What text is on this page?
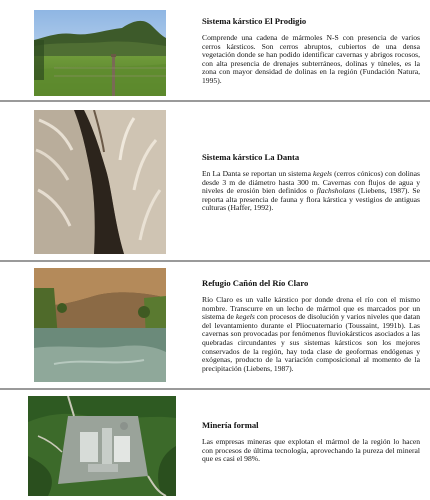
Sistema kárstico El Prodigio
Comprende una cadena de mármoles N-S con presencia de varios cerros kársticos. Son cerros abruptos, cubiertos de una densa vegetación donde se han podido identificar cavernas y abrigos rocosos, con alta presencia de drenajes subterráneos, dolinas y túneles, es la zona con mayor densidad de dolinas en la región (Fundación Natura, 1995).
Sistema kárstico La Danta
En La Danta se reportan un sistema kegels (cerros cónicos) con dolinas desde 3 m de diámetro hasta 300 m. Cavernas con flujos de agua y niveles de erosión bien definidos o flachsholans (Liebens, 1987). Se reporta alta presencia de fauna y flora kárstica y vestigios de antiguas culturas (Haffer, 1992).
Refugio Cañón del Río Claro
Río Claro es un valle kárstico por donde drena el río con el mismo nombre. Transcurre en un lecho de mármol que es marcados por un sistema de kegels con procesos de disolución y varios niveles que datan del levantamiento durante el Pliocuaternario (Toussaint, 1991b). Las cavernas son provocadas por fenómenos fluviokársticos asociados a las quebradas circundantes y sus sistemas kársticos son los mejores conservados de la región, hay toda clase de geoformas endógenas y exógenas, producto de la variación composicional al momento de la precipitación (Liebens, 1987).
Minería formal
Las empresas mineras que explotan el mármol de la región lo hacen con procesos de última tecnología, aprovechando la pureza del mineral que es casi el 98%.
